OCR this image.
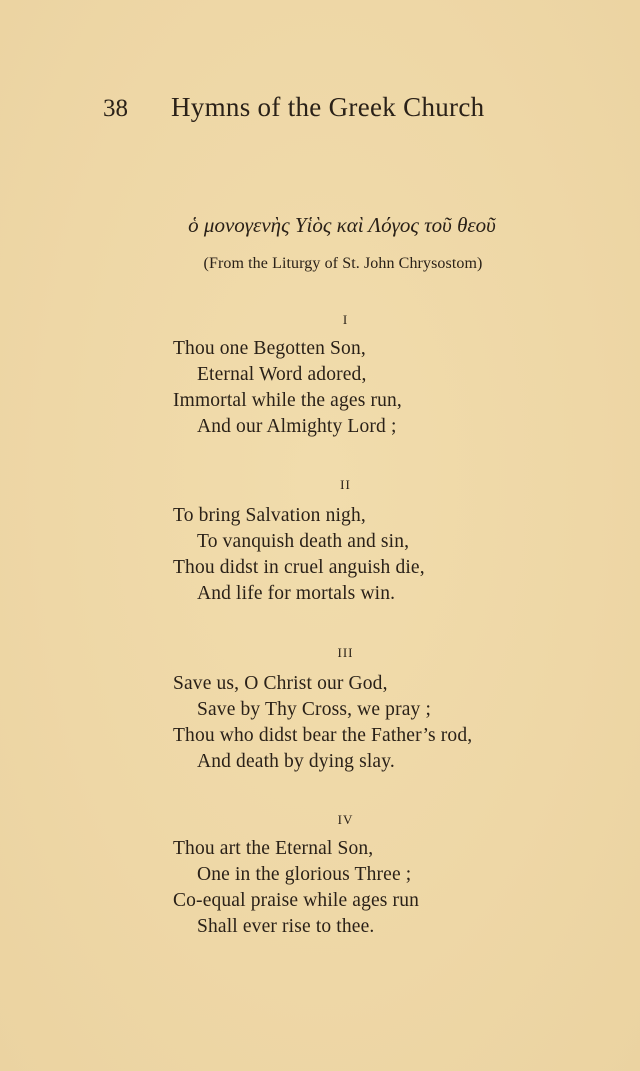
38	Hymns of the Greek Church
ὁ μονογενὴς Υἱὸς καὶ Λόγος τοῦ θεοῦ
(From the Liturgy of St. John Chrysostom)
I
Thou one Begotten Son,
Eternal Word adored,
Immortal while the ages run,
And our Almighty Lord ;
II
To bring Salvation nigh,
To vanquish death and sin,
Thou didst in cruel anguish die,
And life for mortals win.
III
Save us, O Christ our God,
Save by Thy Cross, we pray ;
Thou who didst bear the Father’s rod,
And death by dying slay.
IV
Thou art the Eternal Son,
One in the glorious Three ;
Co-equal praise while ages run
Shall ever rise to thee.
